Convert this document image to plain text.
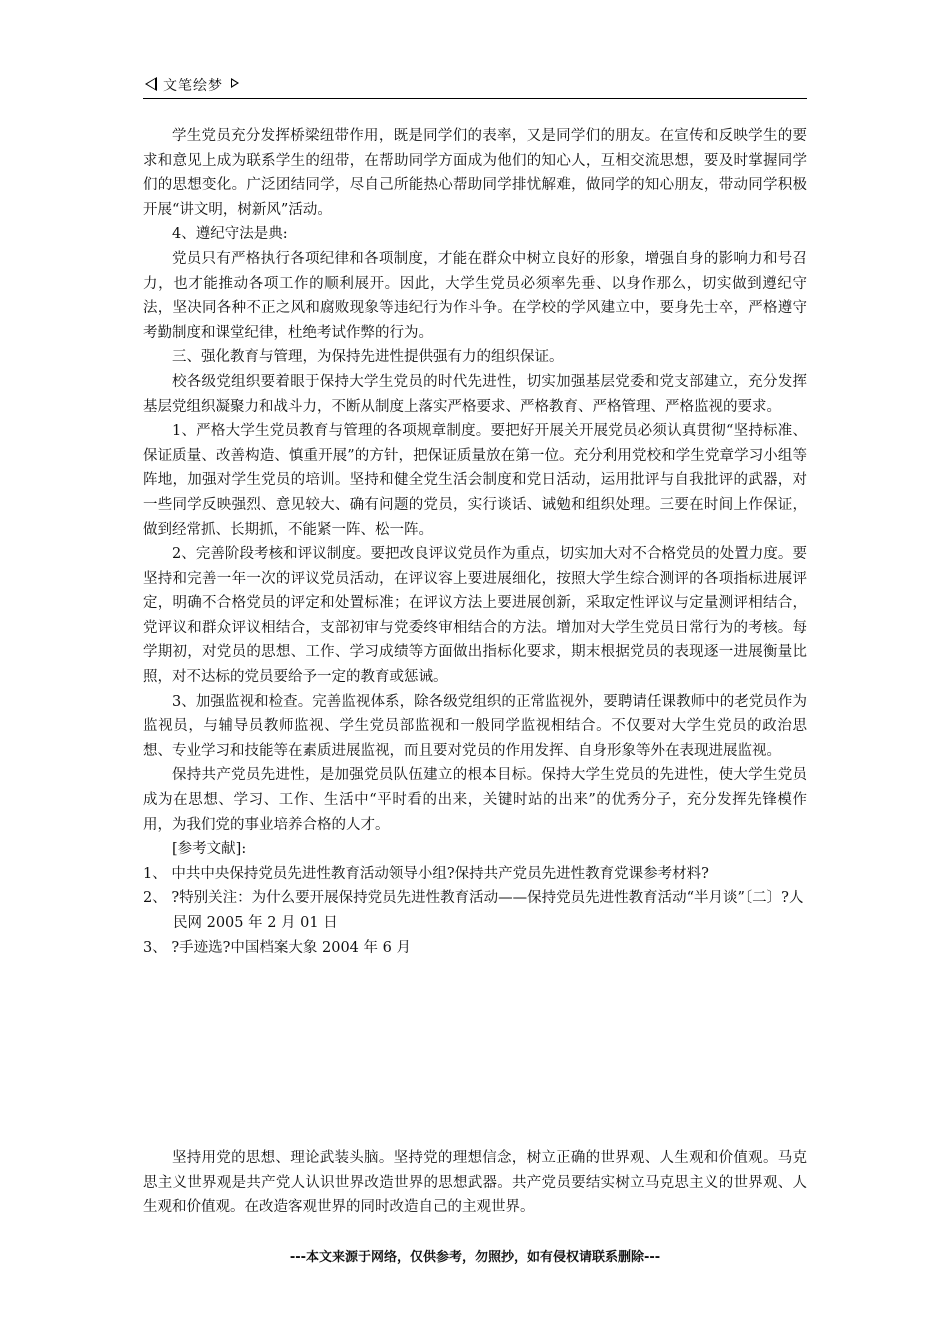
文笔绘梦

学生党员充分发挥桥梁纽带作用，既是同学们的表率，又是同学们的朋友。在宣传和反映学生的要求和意见上成为联系学生的纽带，在帮助同学方面成为他们的知心人，互相交流思想，要及时掌握同学们的思想变化。广泛团结同学，尽自己所能热心帮助同学排忧解难，做同学的知心朋友，带动同学积极开展“讲文明，树新风”活动。

4、遵纪守法是典:

党员只有严格执行各项纪律和各项制度，才能在群众中树立良好的形象，增强自身的影响力和号召力，也才能推动各项工作的顺利展开。因此，大学生党员必须率先垂、以身作那么，切实做到遵纪守法，坚决同各种不正之风和腐败现象等违纪行为作斗争。在学校的学风建立中，要身先士卒，严格遵守考勤制度和课堂纪律，杜绝考试作弊的行为。

三、强化教育与管理，为保持先进性提供强有力的组织保证。

校各级党组织要着眼于保持大学生党员的时代先进性，切实加强基层党委和党支部建立，充分发挥基层党组织凝聚力和战斗力，不断从制度上落实严格要求、严格教育、严格管理、严格监视的要求。

1、严格大学生党员教育与管理的各项规章制度。要把好开展关开展党员必须认真贯彻“坚持标准、保证质量、改善构造、慎重开展”的方针，把保证质量放在第一位。充分利用党校和学生党章学习小组等阵地，加强对学生党员的培训。坚持和健全党生活会制度和党日活动，运用批评与自我批评的武器，对一些同学反映强烈、意见较大、确有问题的党员，实行谈话、诫勉和组织处理。三要在时间上作保证，做到经常抓、长期抓，不能紧一阵、松一阵。

2、完善阶段考核和评议制度。要把改良评议党员作为重点，切实加大对不合格党员的处置力度。要坚持和完善一年一次的评议党员活动，在评议容上要进展细化，按照大学生综合测评的各项指标进展评定，明确不合格党员的评定和处置标准；在评议方法上要进展创新，采取定性评议与定量测评相结合，党评议和群众评议相结合，支部初审与党委终审相结合的方法。增加对大学生党员日常行为的考核。每学期初，对党员的思想、工作、学习成绩等方面做出指标化要求，期末根据党员的表现逐一进展衡量比照，对不达标的党员要给予一定的教育或惩诫。

3、加强监视和检查。完善监视体系，除各级党组织的正常监视外，要聘请任课教师中的老党员作为监视员，与辅导员教师监视、学生党员部监视和一般同学监视相结合。不仅要对大学生党员的政治思想、专业学习和技能等在素质进展监视，而且要对党员的作用发挥、自身形象等外在表现进展监视。

保持共产党员先进性，是加强党员队伍建立的根本目标。保持大学生党员的先进性，使大学生党员成为在思想、学习、工作、生活中“平时看的出来，关键时站的出来”的优秀分子，充分发挥先锋模作用，为我们党的事业培养合格的人才。

[参考文献]:

1、 中共中央保持党员先进性教育活动领导小组?保持共产党员先进性教育党课参考材料?

2、 ?特别关注：为什么要开展保持党员先进性教育活动——保持党员先进性教育活动“半月谈”〔二〕?人民网 2005 年 2 月 01 日

3、 ?手迹选?中国档案大象 2004 年 6 月

坚持用党的思想、理论武装头脑。坚持党的理想信念，树立正确的世界观、人生观和价值观。马克思主义世界观是共产党人认识世界改造世界的思想武器。共产党员要结实树立马克思主义的世界观、人生观和价值观。在改造客观世界的同时改造自己的主观世界。

---本文来源于网络，仅供参考，勿照抄，如有侵权请联系删除---
